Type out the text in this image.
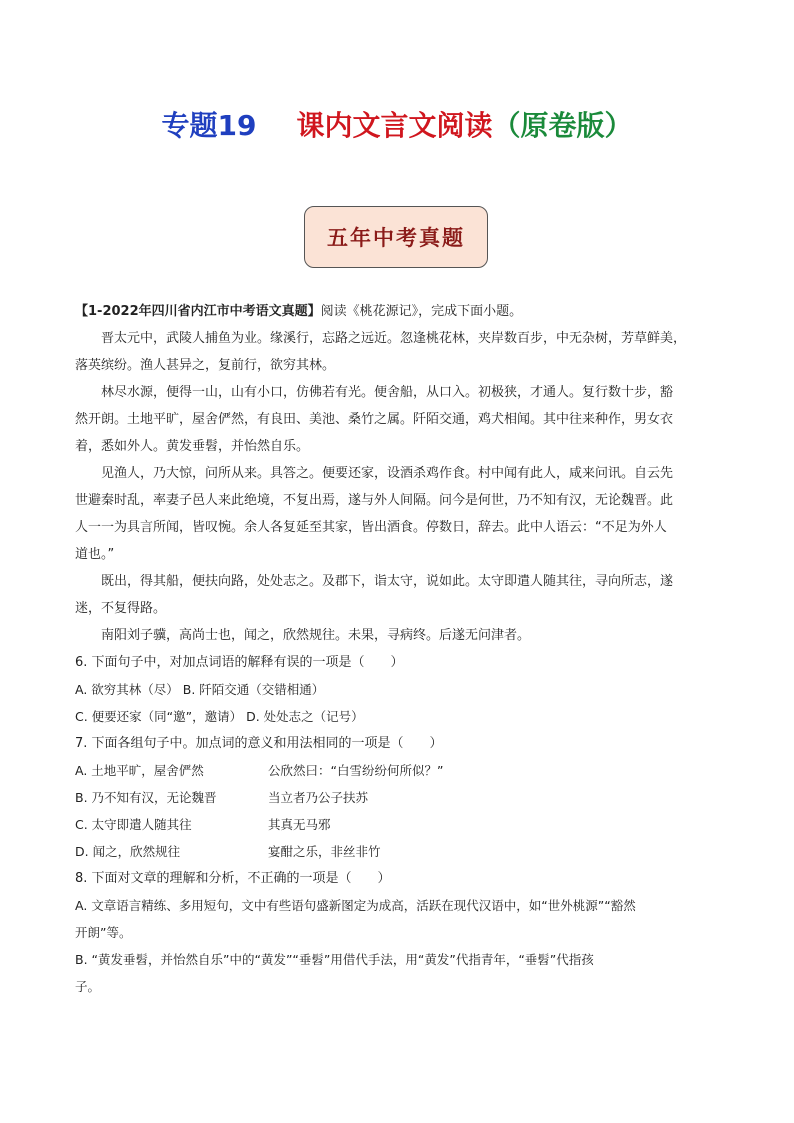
专题19 课内文言文阅读（原卷版）
五年中考真题
【1-2022年四川省内江市中考语文真题】阅读《桃花源记》，完成下面小题。
晋太元中，武陵人捕鱼为业。缘溪行，忘路之远近。忽逢桃花林，夹岸数百步，中无杂树，芳草鲜美，
落英缤纷。渔人甚异之，复前行，欲穷其林。
林尽水源，便得一山，山有小口，仿佛若有光。便舍船，从口入。初极狭，才通人。复行数十步，豁
然开朗。土地平旷，屋舍俨然，有良田、美池、桑竹之属。阡陌交通，鸡犬相闻。其中往来种作，男女衣
着，悉如外人。黄发垂髫，并怡然自乐。
见渔人，乃大惊，问所从来。具答之。便要还家，设酒杀鸡作食。村中闻有此人，咸来问讯。自云先
世避秦时乱，率妻子邑人来此绝境，不复出焉，遂与外人间隔。问今是何世，乃不知有汉，无论魏晋。此
人一一为具言所闻，皆叹惋。余人各复延至其家，皆出酒食。停数日，辞去。此中人语云：“不足为外人
道也。”
既出，得其船，便扶向路，处处志之。及郡下，诣太守，说如此。太守即遣人随其往，寻向所志，遂
迷，不复得路。
南阳刘子骥，高尚士也，闻之，欣然规往。未果，寻病终。后遂无问津者。
6. 下面句子中，对加点词语的解释有误的一项是（　　）
A. 欲穷其林（尽） B. 阡陌交通（交错相通）
C. 便要还家（同“邀”，邀请） D. 处处志之（记号）
7. 下面各组句子中。加点词的意义和用法相同的一项是（　　）
A. 土地平旷，屋舍俨然	公欣然曰：“白雪纷纷何所似？”
B. 乃不知有汉，无论魏晋	当立者乃公子扶苏
C. 太守即遣人随其往	其真无马邪
D. 闻之，欣然规往	宴酣之乐，非丝非竹
8. 下面对文章的理解和分析，不正确的一项是（　　）
A. 文章语言精练、多用短句，文中有些语句盛新图定为成高，活跃在现代汉语中，如“世外桃源”“豁然
开朗”等。
B. “黄发垂髫，并怡然自乐”中的“黄发”“垂髫”用借代手法，用“黄发”代指青年，“垂髫”代指孩
子。
